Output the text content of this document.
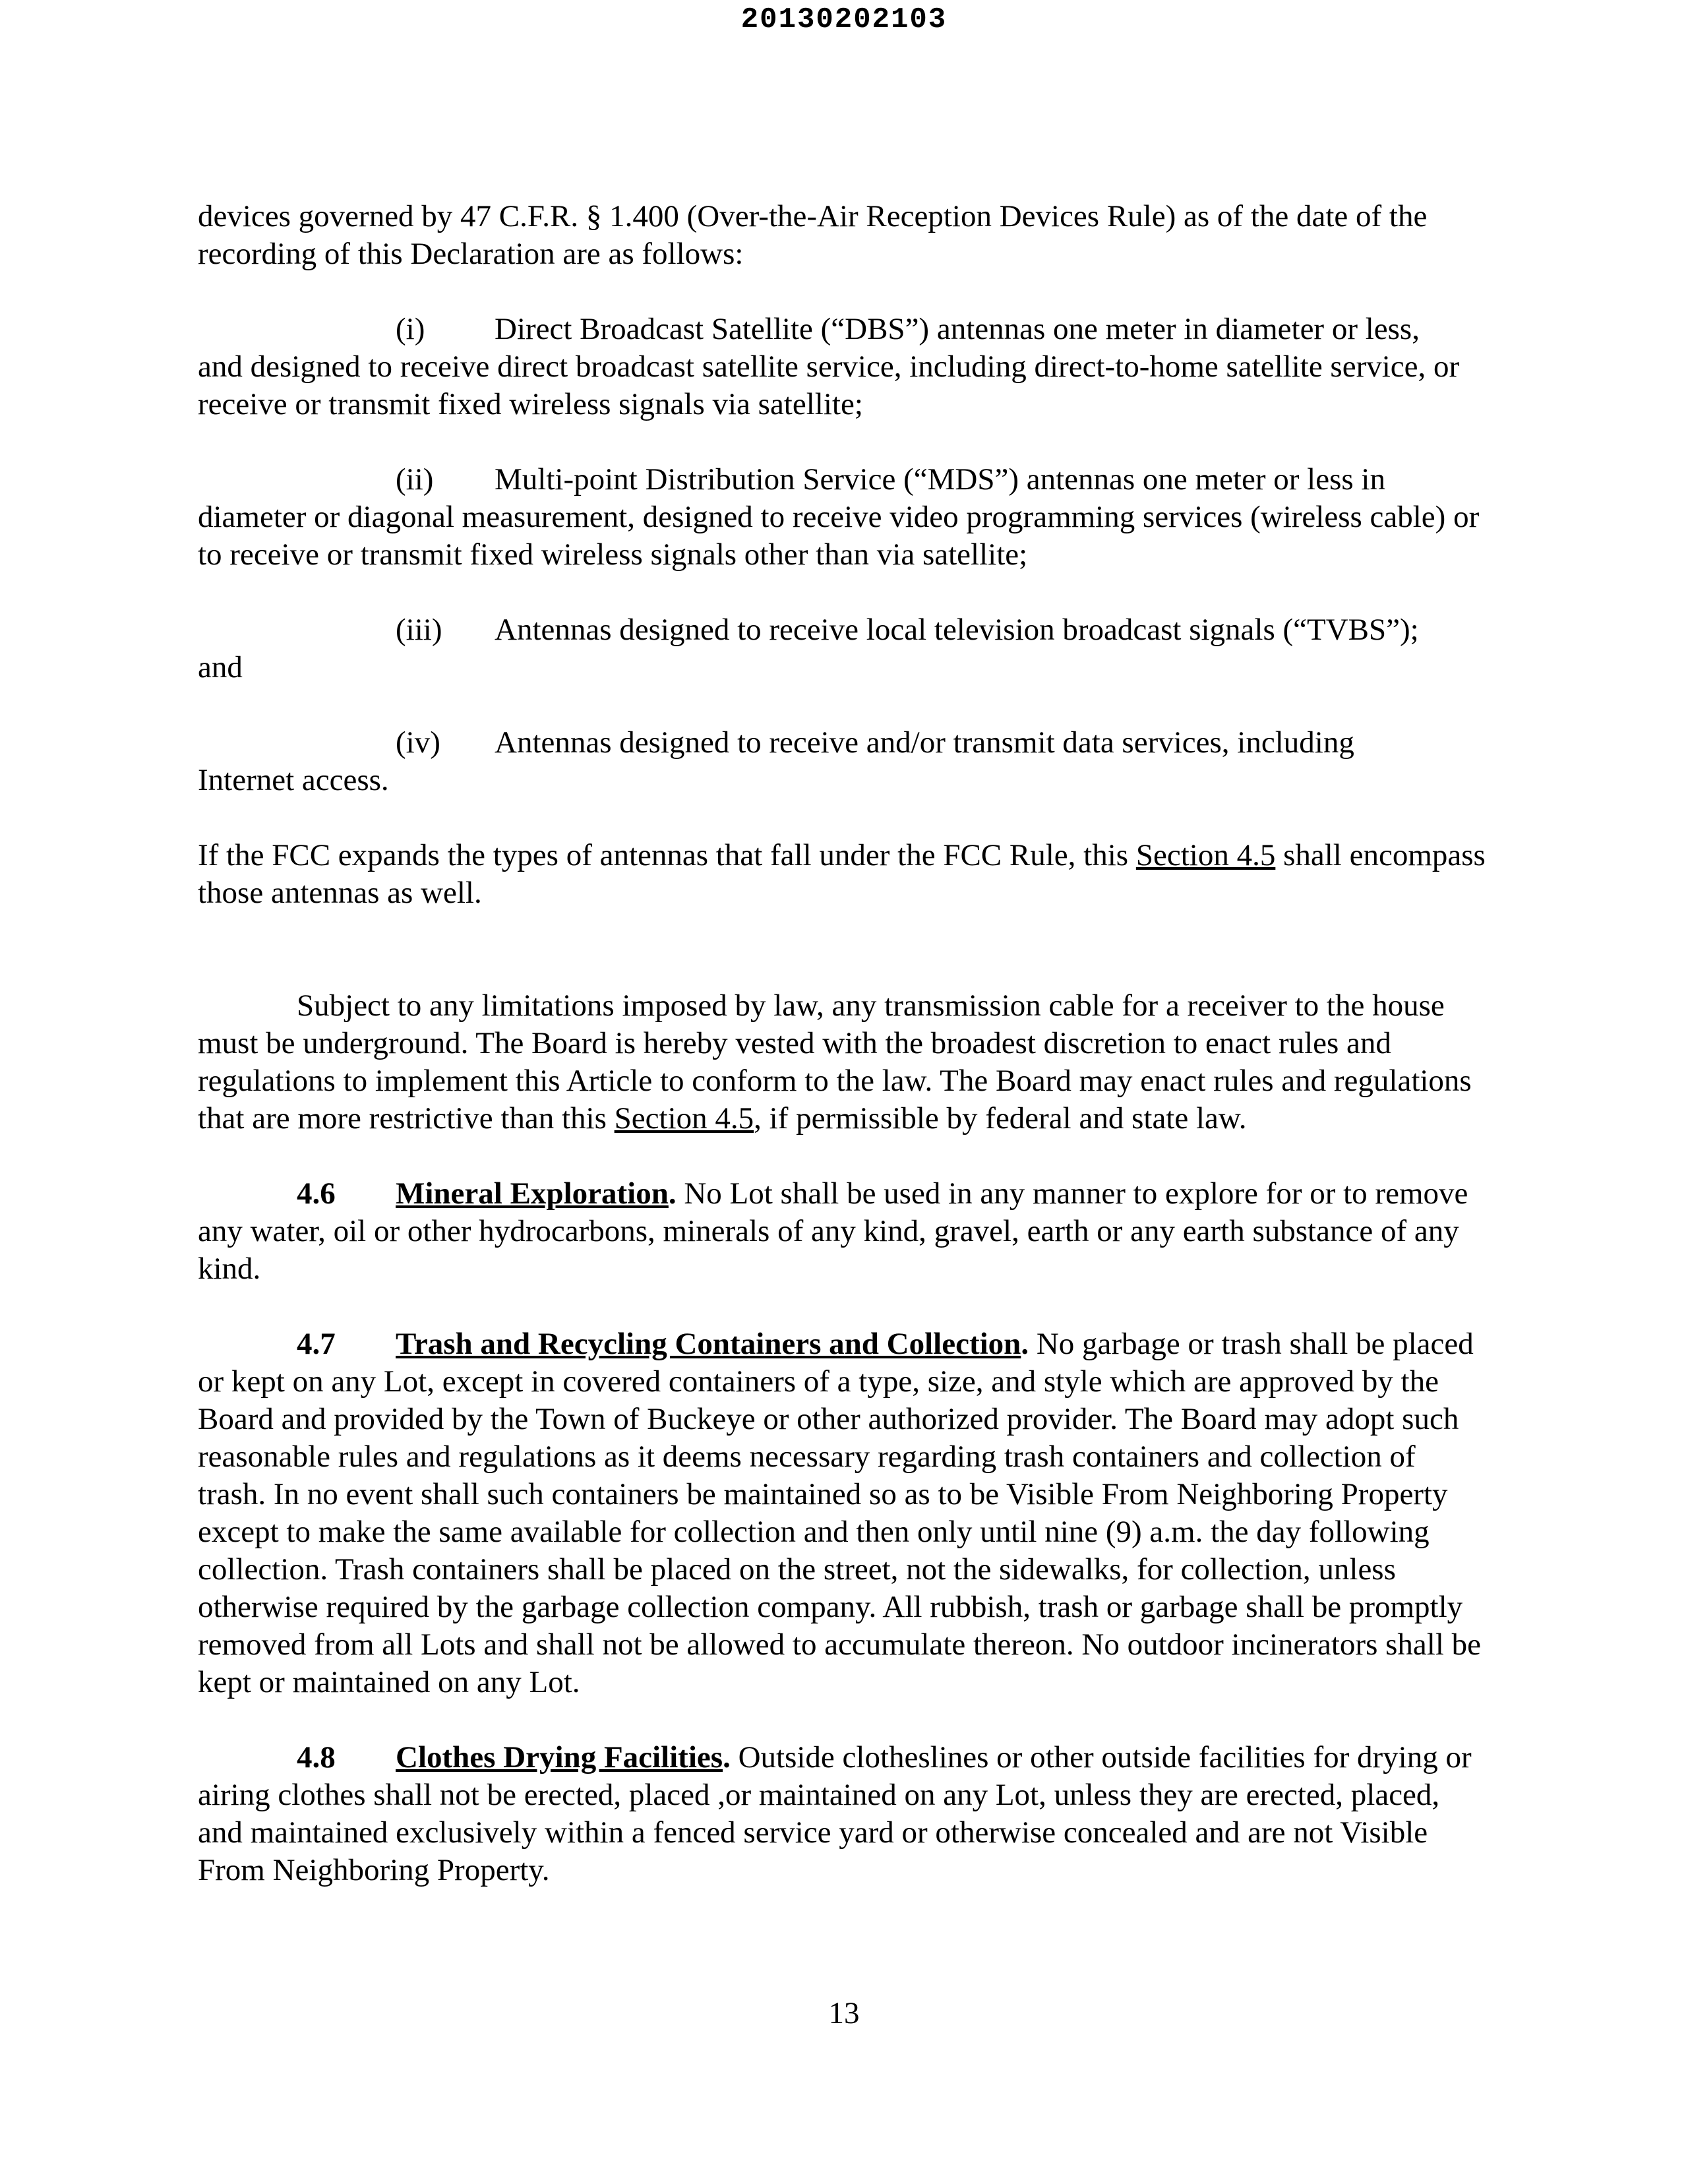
20130202103

devices governed by 47 C.F.R. § 1.400 (Over-the-Air Reception Devices Rule) as of the date of the recording of this Declaration are as follows:

(i) Direct Broadcast Satellite (“DBS”) antennas one meter in diameter or less,
and designed to receive direct broadcast satellite service, including direct-to-home satellite service, or receive or transmit fixed wireless signals via satellite;
(ii) Multi-point Distribution Service (“MDS”) antennas one meter or less in
diameter or diagonal measurement, designed to receive video programming services (wireless cable) or to receive or transmit fixed wireless signals other than via satellite;
(iii) Antennas designed to receive local television broadcast signals (“TVBS”);
and
(iv) Antennas designed to receive and/or transmit data services, including
Internet access.

If the FCC expands the types of antennas that fall under the FCC Rule, this Section 4.5 shall encompass those antennas as well.

Subject to any limitations imposed by law, any transmission cable for a receiver to the house must be underground. The Board is hereby vested with the broadest discretion to enact rules and regulations to implement this Article to conform to the law. The Board may enact rules and regulations that are more restrictive than this Section 4.5, if permissible by federal and state law.

4.6 Mineral Exploration. No Lot shall be used in any manner to explore for or to remove any water, oil or other hydrocarbons, minerals of any kind, gravel, earth or any earth substance of any kind.

4.7 Trash and Recycling Containers and Collection. No garbage or trash shall be placed or kept on any Lot, except in covered containers of a type, size, and style which are approved by the Board and provided by the Town of Buckeye or other authorized provider. The Board may adopt such reasonable rules and regulations as it deems necessary regarding trash containers and collection of trash. In no event shall such containers be maintained so as to be Visible From Neighboring Property except to make the same available for collection and then only until nine (9) a.m. the day following collection. Trash containers shall be placed on the street, not the sidewalks, for collection, unless otherwise required by the garbage collection company. All rubbish, trash or garbage shall be promptly removed from all Lots and shall not be allowed to accumulate thereon. No outdoor incinerators shall be kept or maintained on any Lot.

4.8 Clothes Drying Facilities. Outside clotheslines or other outside facilities for drying or airing clothes shall not be erected, placed ,or maintained on any Lot, unless they are erected, placed, and maintained exclusively within a fenced service yard or otherwise concealed and are not Visible From Neighboring Property.

13
